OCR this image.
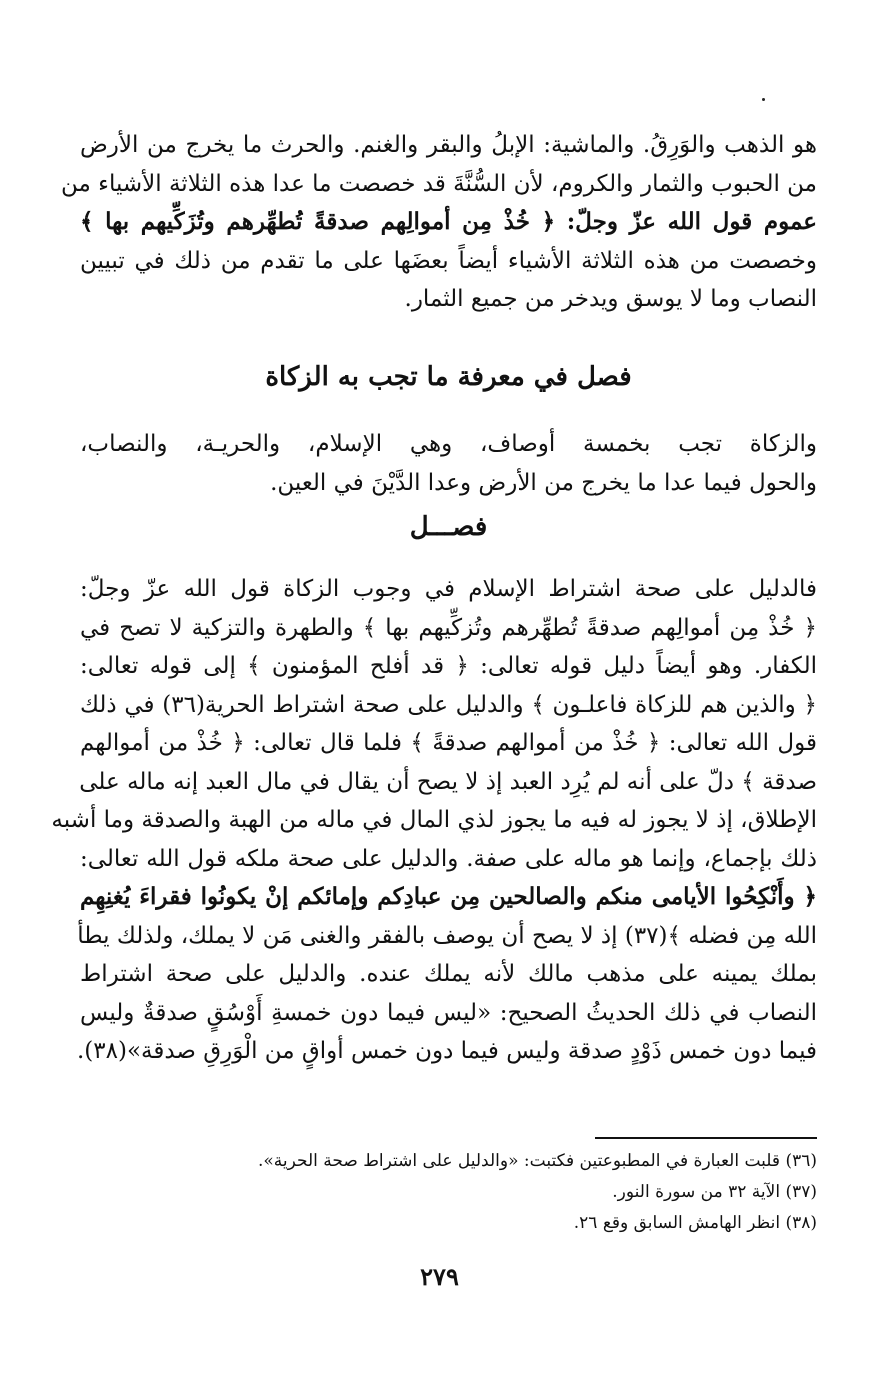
هو الذهب والوَرِقُ. والماشية: الإبلُ والبقر والغنم. والحرث ما يخرج من الأرض
من الحبوب والثمار والكروم، لأن السُّنَّةَ قد خصصت ما عدا هذه الثلاثة الأشياء من
عموم قول الله عزّ وجلّ: ﴿ خُذْ مِن أموالِهم صدقةً تُطهِّرهم وتُزَكِّيهم بها ﴾
وخصصت من هذه الثلاثة الأشياء أيضاً بعضَها على ما تقدم من ذلك في تبيين
النصاب وما لا يوسق ويدخر من جميع الثمار.
فصل في معرفة ما تجب به الزكاة
والزكاة تجب بخمسة أوصاف، وهي الإسلام، والحريـة، والنصاب،
والحول فيما عدا ما يخرج من الأرض وعدا الدَّيْنَ في العين.
فصـــل
فالدليل على صحة اشتراط الإسلام في وجوب الزكاة قول الله عزّ وجلّ:
﴿ خُذْ مِن أموالِهم صدقةً تُطهِّرهم وتُزكِّيهم بها ﴾ والطهرة والتزكية لا تصح في
الكفار. وهو أيضاً دليل قوله تعالى: ﴿ قد أفلح المؤمنون ﴾ إلى قوله تعالى:
﴿ والذين هم للزكاة فاعلـون ﴾ والدليل على صحة اشتراط الحرية(٣٦) في ذلك
قول الله تعالى: ﴿ خُذْ من أموالهم صدقةً ﴾ فلما قال تعالى: ﴿ خُذْ من أموالهم
صدقة ﴾ دلّ على أنه لم يُرِد العبد إذ لا يصح أن يقال في مال العبد إنه ماله على
الإطلاق، إذ لا يجوز له فيه ما يجوز لذي المال في ماله من الهبة والصدقة وما أشبه
ذلك بإجماع، وإنما هو ماله على صفة. والدليل على صحة ملكه قول الله تعالى:
﴿ وأَنْكِحُوا الأيامى منكم والصالحين مِن عبادِكم وإمائكم إنْ يكونُوا فقراءَ يُغنِهِم
الله مِن فضله ﴾(٣٧) إذ لا يصح أن يوصف بالفقر والغنى مَن لا يملك، ولذلك يطأ
بملك يمينه على مذهب مالك لأنه يملك عنده. والدليل على صحة اشتراط
النصاب في ذلك الحديثُ الصحيح: «ليس فيما دون خمسةِ أَوْسُقٍ صدقةٌ وليس
فيما دون خمس ذَوْدٍ صدقة وليس فيما دون خمس أواقٍ من الْوَرِقِ صدقة»(٣٨).
(٣٦) قلبت العبارة في المطبوعتين فكتبت: «والدليل على اشتراط صحة الحرية».
(٣٧) الآية ٣٢ من سورة النور.
(٣٨) انظر الهامش السابق وقع ٢٦.
٢٧٩
